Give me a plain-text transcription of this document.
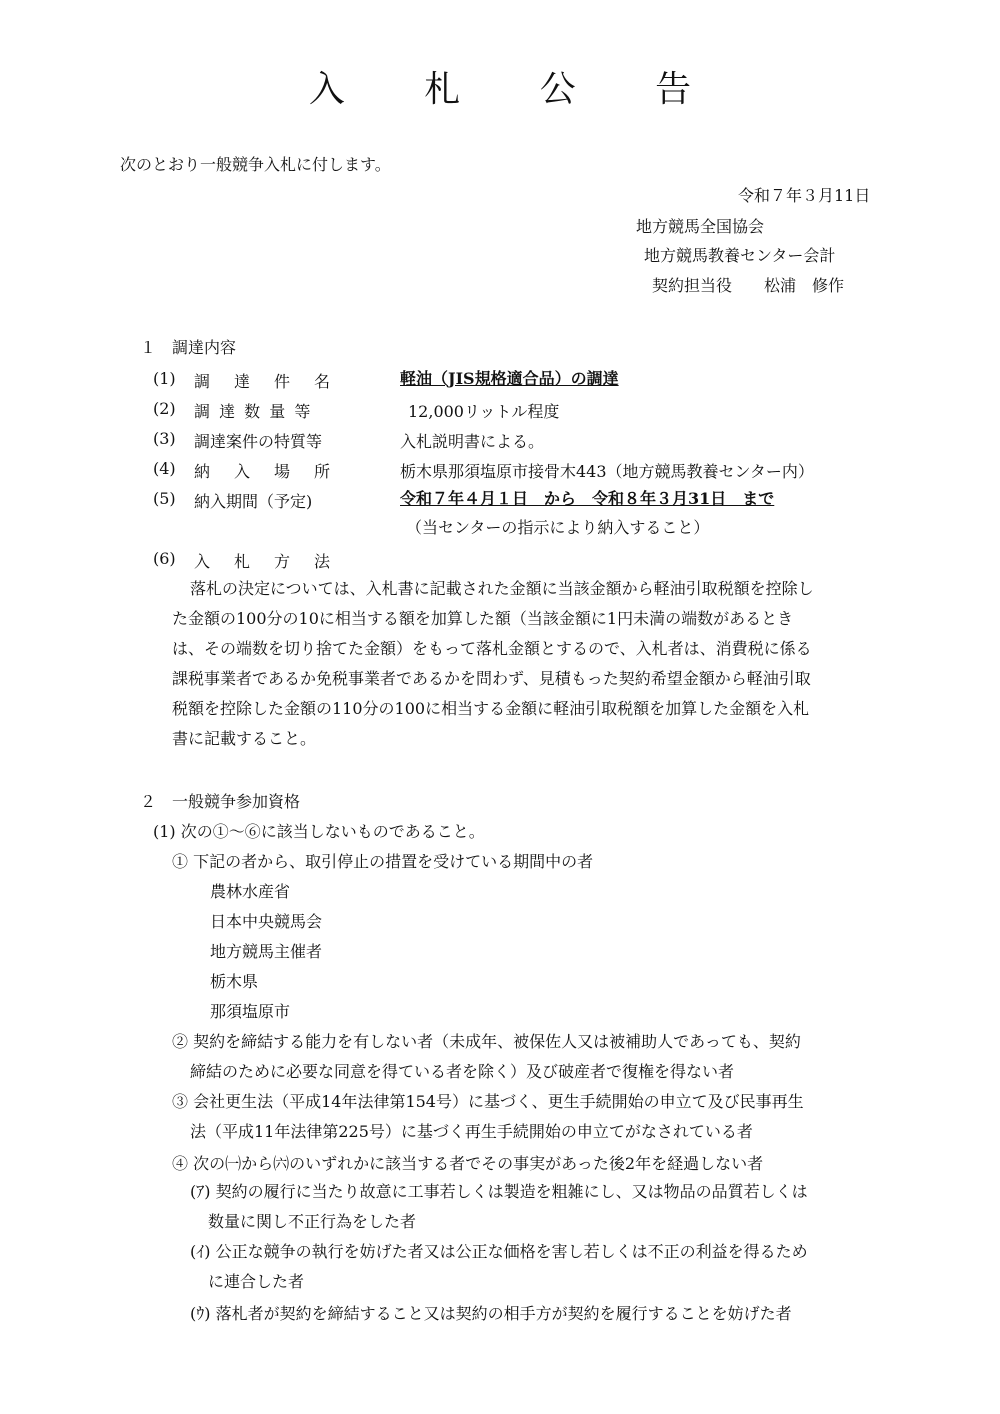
入 札 公 告
次のとおり一般競争入札に付します。
令和７年３月11日
地方競馬全国協会
地方競馬教養センター会計
契約担当役　　松浦　修作
１　調達内容
(1) 調　達　件　名	軽油（JIS規格適合品）の調達
(2) 調 達 数 量 等	12,000リットル程度
(3) 調達案件の特質等	入札説明書による。
(4) 納　入　場　所	栃木県那須塩原市接骨木443（地方競馬教養センター内）
(5) 納入期間（予定)	令和７年４月１日　から　令和８年３月31日　まで
（当センターの指示により納入すること）
(6) 入　札　方　法
落札の決定については、入札書に記載された金額に当該金額から軽油引取税額を控除し
た金額の100分の10に相当する額を加算した額（当該金額に1円未満の端数があるとき
は、その端数を切り捨てた金額）をもって落札金額とするので、入札者は、消費税に係る
課税事業者であるか免税事業者であるかを問わず、見積もった契約希望金額から軽油引取
税額を控除した金額の110分の100に相当する金額に軽油引取税額を加算した金額を入札
書に記載すること。
２　一般競争参加資格
(1) 次の①～⑥に該当しないものであること。
① 下記の者から、取引停止の措置を受けている期間中の者
農林水産省
日本中央競馬会
地方競馬主催者
栃木県
那須塩原市
② 契約を締結する能力を有しない者（未成年、被保佐人又は被補助人であっても、契約
締結のために必要な同意を得ている者を除く）及び破産者で復権を得ない者
③ 会社更生法（平成14年法律第154号）に基づく、更生手続開始の申立て及び民事再生
法（平成11年法律第225号）に基づく再生手続開始の申立てがなされている者
④ 次の㈠から㈥のいずれかに該当する者でその事実があった後2年を経過しない者
(ｱ) 契約の履行に当たり故意に工事若しくは製造を粗雑にし、又は物品の品質若しくは
数量に関し不正行為をした者
(ｲ) 公正な競争の執行を妨げた者又は公正な価格を害し若しくは不正の利益を得るため
に連合した者
(ｳ) 落札者が契約を締結すること又は契約の相手方が契約を履行することを妨げた者
